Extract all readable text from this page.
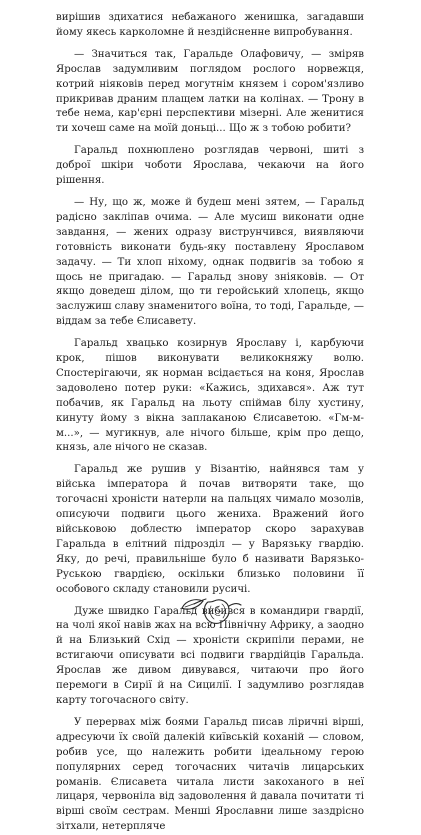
вирішив здихатися небажаного женишка, загадавши йому якесь карколомне й нездійсненне випробування.

— Значиться так, Гаральде Олафовичу, — зміряв Ярослав задумливим поглядом рослого норвежця, котрий ніяковів перед могутнім князем і сором'язливо прикривав драним плащем латки на колінах. — Трону в тебе нема, кар'єрні перспективи мізерні. Але женитися ти хочеш саме на моїй доньці... Що ж з тобою робити?

Гаральд похнюплено розглядав червоні, шиті з доброї шкіри чоботи Ярослава, чекаючи на його рішення.

— Ну, що ж, може й будеш мені зятем, — Гаральд радісно заклiпав очима. — Але мусиш виконати одне завдання, — жених одразу виструнчився, виявляючи готовність виконати будь-яку поставлену Ярославом задачу. — Ти хлоп ніхому, однак подвигів за тобою я щось не пригадаю. — Гаральд знову зніяковів. — От якщо доведеш ділом, що ти геройський хлопець, якщо заслужиш славу знаменитого воїна, то тоді, Гаральде, — віддам за тебе Єлисавету.

Гаральд хвацько козирнув Ярославу і, карбуючи крок, пішов виконувати великокняжу волю. Спостерігаючи, як норман всідається на коня, Ярослав задоволено потер руки: «Кажись, здихався». Аж тут побачив, як Гаральд на льоту спіймав білу хустину, кинуту йому з вікна заплаканою Єлисаветою. «Гм-м-м...», — мугикнув, але нічого більше, крім про дещо, князь, але нічого не сказав.

Гаральд же рушив у Візантію, найнявся там у війська імператора й почав витворяти таке, що тогочасні хроністи натерли на пальцях чимало мозолів, описуючи подвиги цього жениха. Вражений його військовою доблестю імператор скоро зарахував Гаральда в елітний підрозділ — у Варязьку гвардію. Яку, до речі, правильніше було б називати Варязько-Руською гвардією, оскільки близько половини її особового складу становили русичі.

Дуже швидко Гаральд вибився в командири гвардії, на чолі якої навів жах на всю Північну Африку, а заодно й на Близький Схід — хроністи скрипіли перами, не встигаючи описувати всі подвиги гвардійців Гаральда. Ярослав же дивом дивувався, читаючи про його перемоги в Сирії й на Сицилії. І задумливо розглядав карту тогочасного світу.

У перервах між боями Гаральд писав ліричні вірші, адресуючи їх своїй далекій київській коханій — словом, робив усе, що належить робити ідеальному герою популярних серед тогочасних читачів лицарських романів. Єлисавета читала листи закоханого в неї лицаря, червоніла від задоволення й давала почитати ті вірші своїм сестрам. Менші Ярославни лише заздрісно зітхали, нетерпляче
